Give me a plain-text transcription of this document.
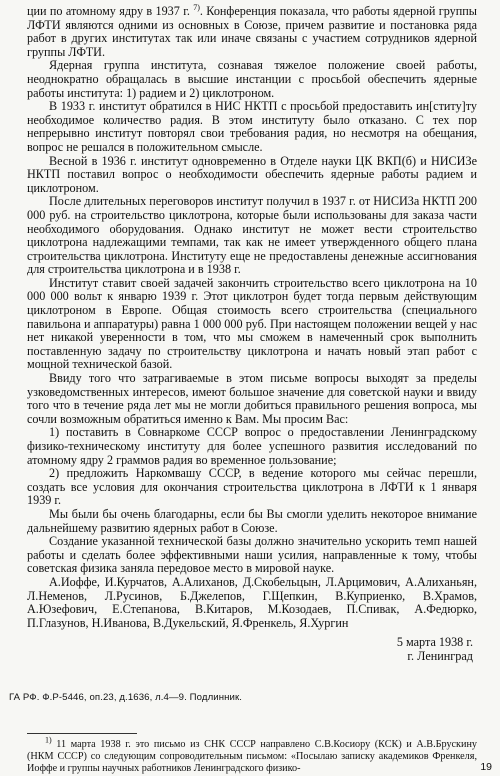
ции по атомному ядру в 1937 г. $^{7)}$. Конференция показала, что работы ядерной группы ЛФТИ являются одними из основных в Союзе, причем развитие и постановка ряда работ в других институтах так или иначе связаны с участием сотрудников ядерной группы ЛФТИ.

Ядерная группа института, сознавая тяжелое положение своей работы, неоднократно обращалась в высшие инстанции с просьбой обеспечить ядерные работы института: 1) радием и 2) циклотроном.

В 1933 г. институт обратился в НИС НКТП с просьбой предоставить ин[ститу]ту необходимое количество радия. В этом институту было отказано. С тех пор непрерывно институт повторял свои требования радия, но несмотря на обещания, вопрос не решался в положительном смысле.

Весной в 1936 г. институт одновременно в Отделе науки ЦК ВКП(б) и НИСИЗе НКТП поставил вопрос о необходимости обеспечить ядерные работы радием и циклотроном.

После длительных переговоров институт получил в 1937 г. от НИСИЗа НКТП 200 000 руб. на строительство циклотрона, которые были использованы для заказа части необходимого оборудования. Однако институт не может вести строительство циклотрона надлежащими темпами, так как не имеет утвержденного общего плана строительства циклотрона. Институту еще не предоставлены денежные ассигнования для строительства циклотрона и в 1938 г.

Институт ставит своей задачей закончить строительство всего циклотрона на 10 000 000 вольт к январю 1939 г. Этот циклотрон будет тогда первым действующим циклотроном в Европе. Общая стоимость всего строительства (специального павильона и аппаратуры) равна 1 000 000 руб. При настоящем положении вещей у нас нет никакой уверенности в том, что мы сможем в намеченный срок выполнить поставленную задачу по строительству циклотрона и начать новый этап работ с мощной технической базой.

Ввиду того что затрагиваемые в этом письме вопросы выходят за пределы узковедомственных интересов, имеют большое значение для советской науки и ввиду того что в течение ряда лет мы не могли добиться правильного решения вопроса, мы сочли возможным обратиться именно к Вам. Мы просим Вас:

1) поставить в Совнаркоме СССР вопрос о предоставлении Ленинградскому физико-техническому институту для более успешного развития исследований по атомному ядру 2 граммов радия во временное пользование;

2) предложить Наркомвашу СССР, в ве́дение которого мы сейчас перешли, создать все условия для окончания строительства циклотрона в ЛФТИ к 1 января 1939 г.

Мы были бы очень благодарны, если бы Вы смогли уделить некоторое внимание дальнейшему развитию ядерных работ в Союзе.

Создание указанной технической базы должно значительно ускорить темп нашей работы и сделать более эффективными наши усилия, направленные к тому, чтобы советская физика заняла передовое место в мировой науке.

А.Иоффе, И.Курчатов, А.Алиханов, Д.Скобельцын, Л.Арцимович, А.Алиханьян, Л.Неменов, Л.Русинов, Б.Джелепов, Г.Щепкин, В.Куприенко, В.Храмов, А.Юзефович, Е.Степанова, В.Китаров, М.Козодаев, П.Спивак, А.Федюрко, П.Глазунов, Н.Иванова, В.Дукельский, Я.Френкель, Я.Хургин

5 марта 1938 г.
г. Ленинград
ГА РФ. Ф.Р-5446, оп.23, д.1636, л.4—9. Подлинник.

$^{1)}$ 11 марта 1938 г. это письмо из СНК СССР направлено С.В.Косиору (КСК) и А.В.Брускину (НКМ СССР) со следующим сопроводительным письмом: «Посылаю записку академиков Френкеля, Иоффе и группы научных работников Ленинградского физико-	19
